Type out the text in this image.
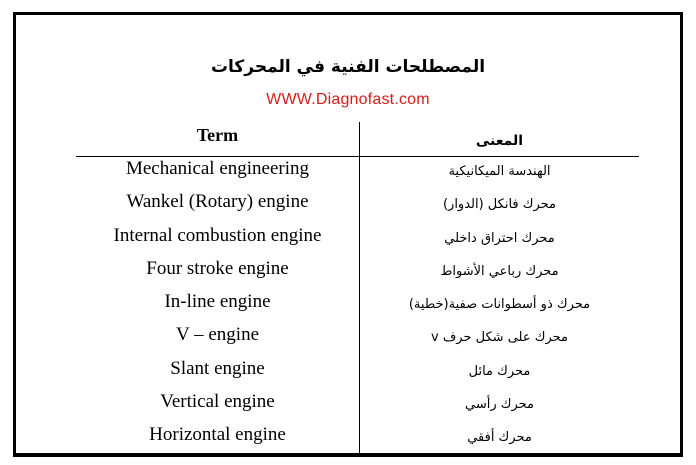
المصطلحات الفنية في المحركات
WWW.Diagnofast.com
Term	المعنى
Mechanical engineering	الهندسة الميكانيكية
Wankel (Rotary) engine	محرك فانكل (الدوار)
Internal combustion engine	محرك احتراق داخلي
Four stroke engine	محرك رباعي الأشواط
In-line engine	محرك ذو أسطوانات صفية(خطية)
V – engine	محرك على شكل حرف v
Slant engine	محرك مائل
Vertical engine	محرك رأسي
Horizontal engine	محرك أفقي
